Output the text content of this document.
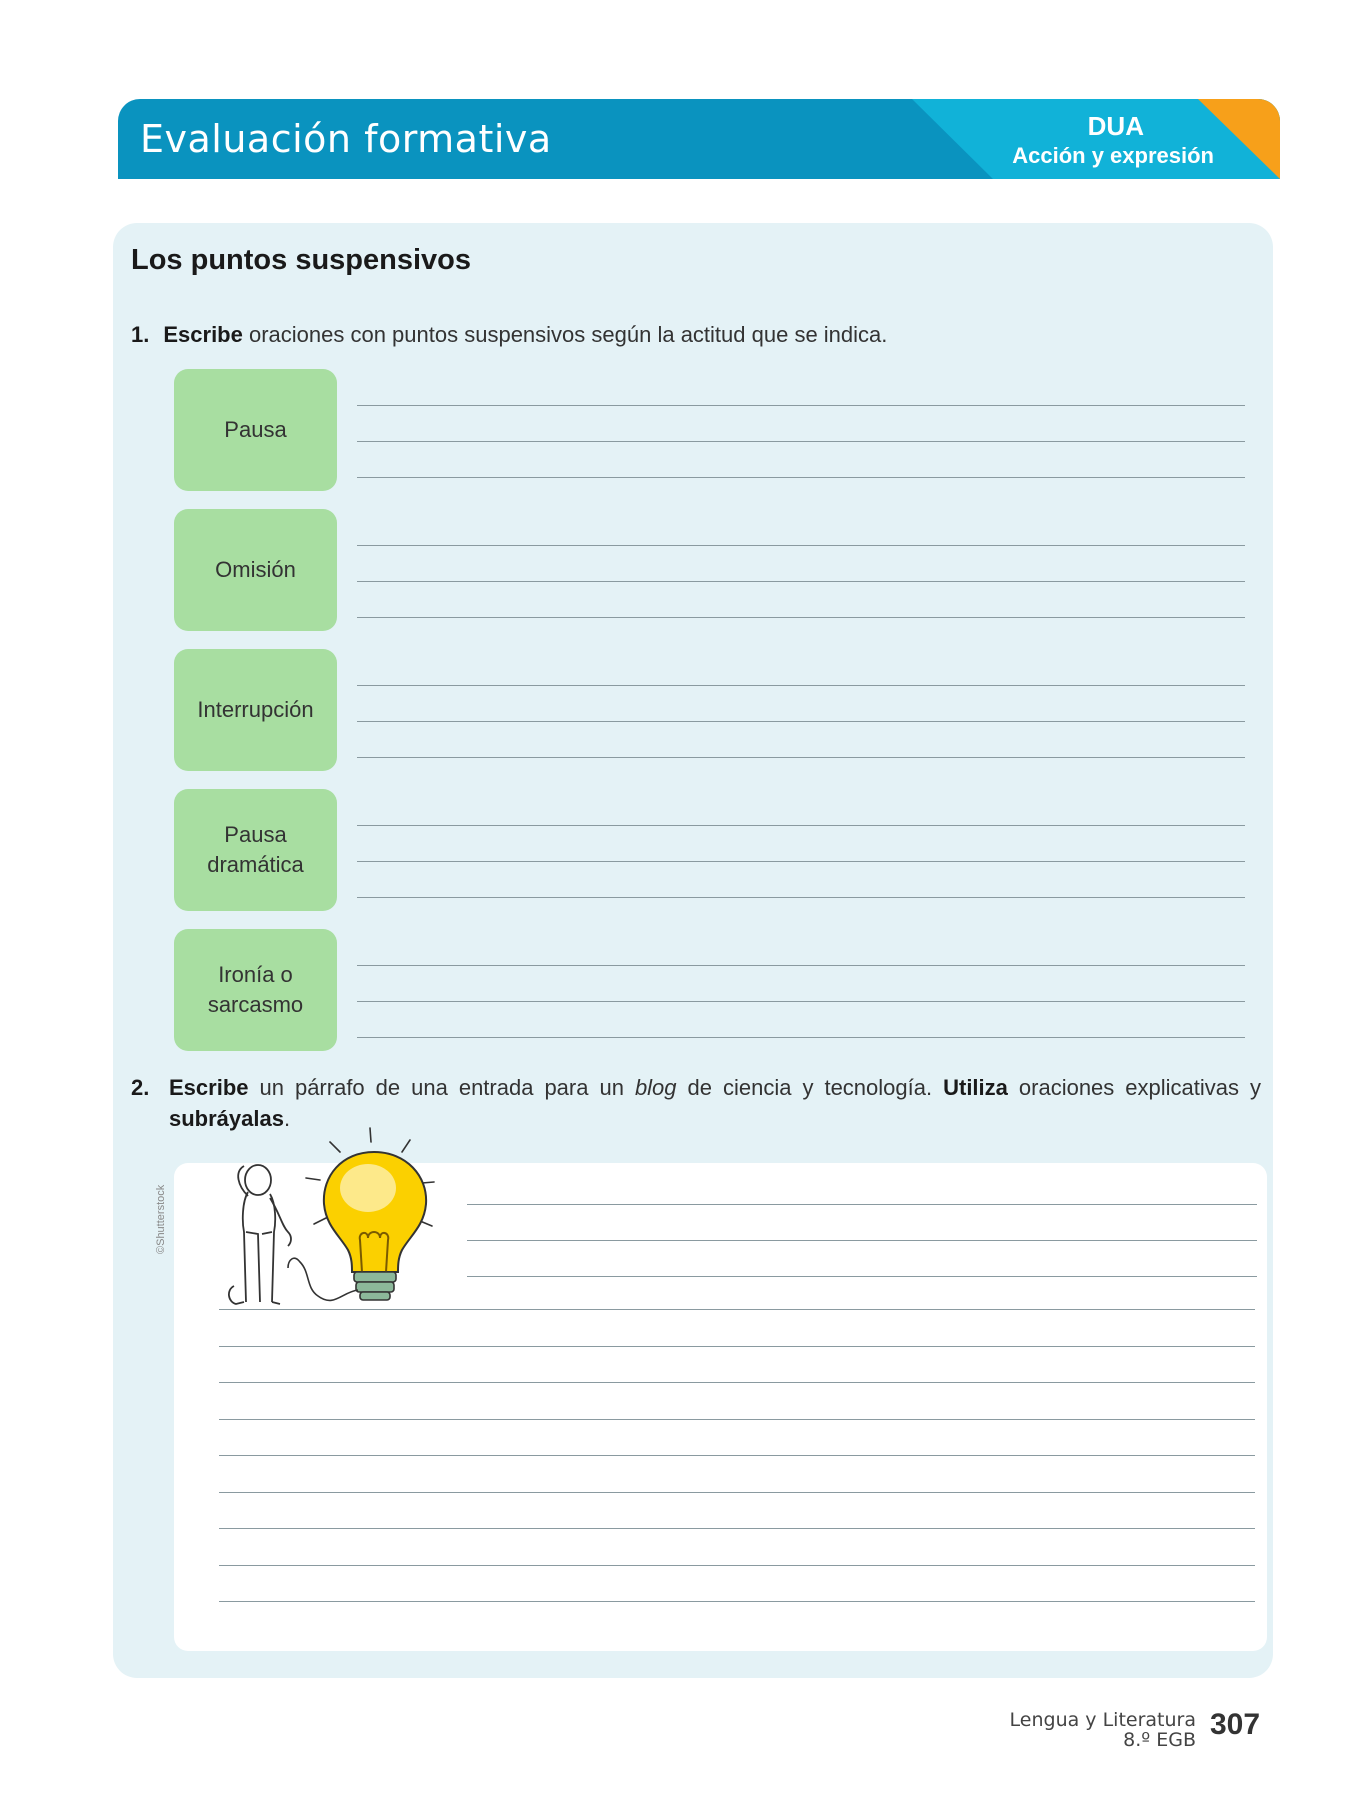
Evaluación formativa	DUA
Acción y expresión
Los puntos suspensivos
1. Escribe oraciones con puntos suspensivos según la actitud que se indica.
Pausa
Omisión
Interrupción
Pausa
dramática
Ironía o
sarcasmo
2. Escribe un párrafo de una entrada para un blog de ciencia y tecnología. Utiliza oraciones explicativas y subráyalas.
©Shutterstock
Lengua y Literatura
8.º EGB 307
